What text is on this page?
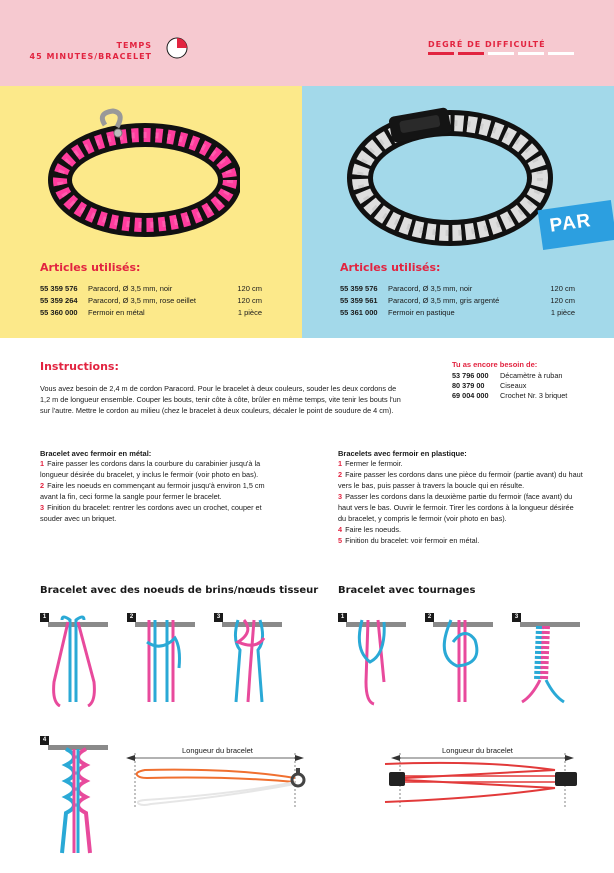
TEMPS
45 MINUTES/BRACELET
DEGRÉ DE DIFFICULTÉ
Articles utilisés:
55 359 576	Paracord, Ø 3,5 mm, noir	120 cm
55 359 264	Paracord, Ø 3,5 mm, rose oeillet	120 cm
55 360 000	Fermoir en métal	1 pièce
PAR
Articles utilisés:
55 359 576	Paracord, Ø 3,5 mm, noir	120 cm
55 359 561	Paracord, Ø 3,5 mm, gris argenté	120 cm
55 361 000	Fermoir en pastique	1 pièce
Instructions:
Vous avez besoin de 2,4 m de cordon Paracord. Pour le bracelet à deux couleurs, souder les deux cordons de 1,2 m de longueur ensemble. Couper les bouts, tenir côte à côte, brûler en même temps, vite tenir les bouts l'un sur l'autre. Mettre le cordon au milieu (chez le bracelet à deux couleurs, décaler le point de soudure de 4 cm).
Tu as encore besoin de:
53 796 000	Décamètre à ruban
80 379 00	Ciseaux
69 004 000	Crochet Nr. 3 briquet
Bracelet avec fermoir en métal:
1 Faire passer les cordons dans la courbure du carabinier jusqu'à la longueur désirée du bracelet, y inclus le fermoir (voir photo en bas).
2 Faire les noeuds en commençant au fermoir jusqu'à environ 1,5 cm avant la fin, ceci forme la sangle pour fermer le bracelet.
3 Finition du bracelet: rentrer les cordons avec un crochet, couper et souder avec un briquet.
Bracelets avec fermoir en plastique:
1 Fermer le fermoir.
2 Faire passer les cordons dans une pièce du fermoir (partie avant) du haut vers le bas, puis passer à travers la boucle qui en résulte.
3 Passer les cordons dans la deuxième partie du fermoir (face avant) du haut vers le bas. Ouvrir le fermoir. Tirer les cordons à la longueur désirée du bracelet, y compris le fermoir (voir photo en bas).
4 Faire les noeuds.
5 Finition du bracelet: voir fermoir en métal.
Bracelet avec des noeuds de brins/nœuds tisseur Bracelet avec tournages
1	2	3	1	2	3
4
Longueur du bracelet	Longueur du bracelet
